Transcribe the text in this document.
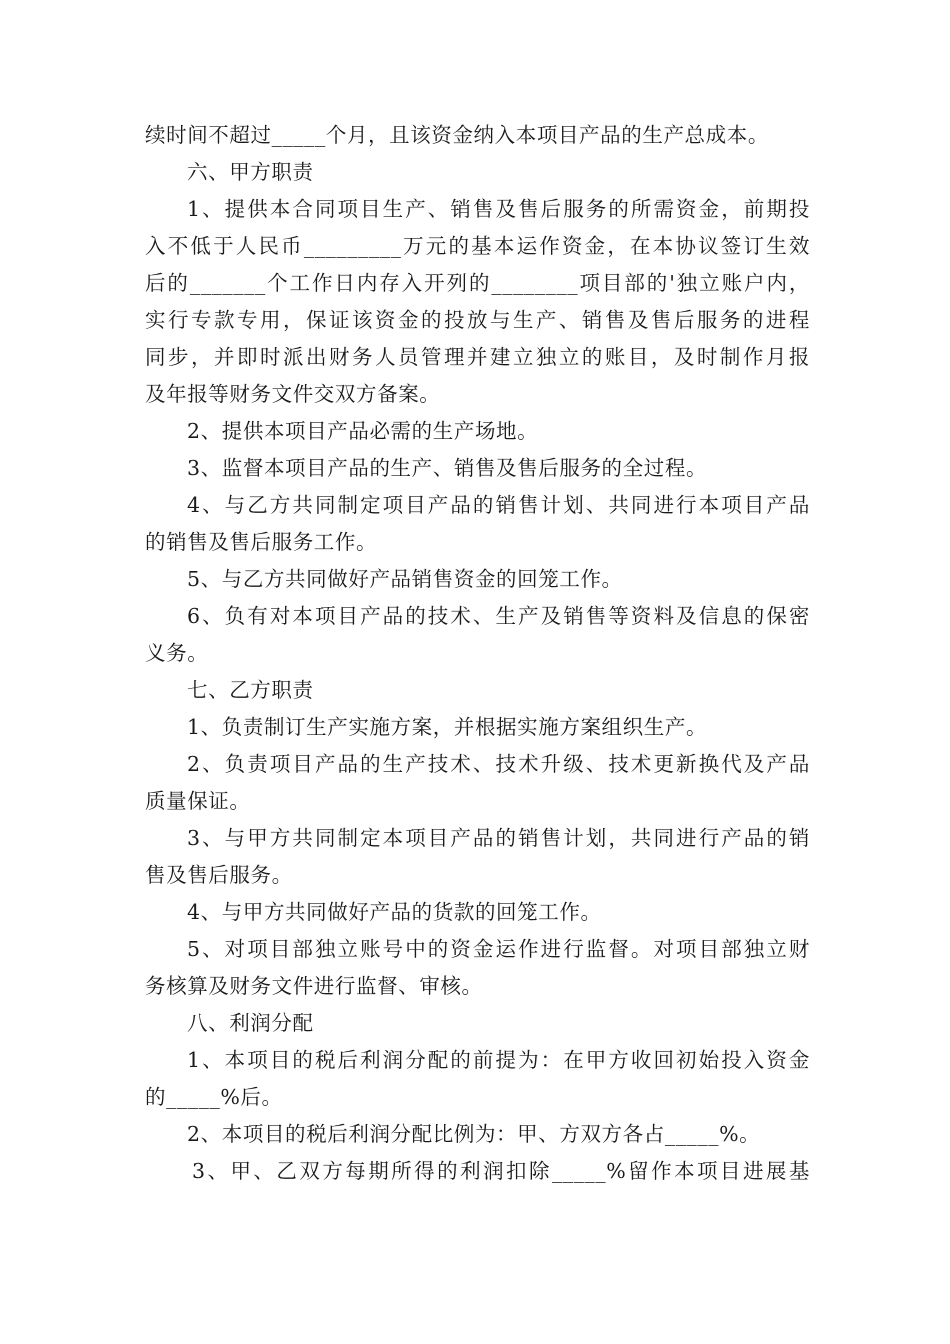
续时间不超过_____个月，且该资金纳入本项目产品的生产总成本。
六、甲方职责
1、提供本合同项目生产、销售及售后服务的所需资金，前期投
入不低于人民币_________万元的基本运作资金，在本协议签订生效
后的_______个工作日内存入开列的________项目部的'独立账户内，
实行专款专用，保证该资金的投放与生产、销售及售后服务的进程
同步，并即时派出财务人员管理并建立独立的账目，及时制作月报
及年报等财务文件交双方备案。
2、提供本项目产品必需的生产场地。
3、监督本项目产品的生产、销售及售后服务的全过程。
4、与乙方共同制定项目产品的销售计划、共同进行本项目产品
的销售及售后服务工作。
5、与乙方共同做好产品销售资金的回笼工作。
6、负有对本项目产品的技术、生产及销售等资料及信息的保密
义务。
七、乙方职责
1、负责制订生产实施方案，并根据实施方案组织生产。
2、负责项目产品的生产技术、技术升级、技术更新换代及产品
质量保证。
3、与甲方共同制定本项目产品的销售计划，共同进行产品的销
售及售后服务。
4、与甲方共同做好产品的货款的回笼工作。
5、对项目部独立账号中的资金运作进行监督。对项目部独立财
务核算及财务文件进行监督、审核。
八、利润分配
1、本项目的税后利润分配的前提为：在甲方收回初始投入资金
的_____%后。
2、本项目的税后利润分配比例为：甲、方双方各占_____%。
3、甲、乙双方每期所得的利润扣除_____%留作本项目进展基
